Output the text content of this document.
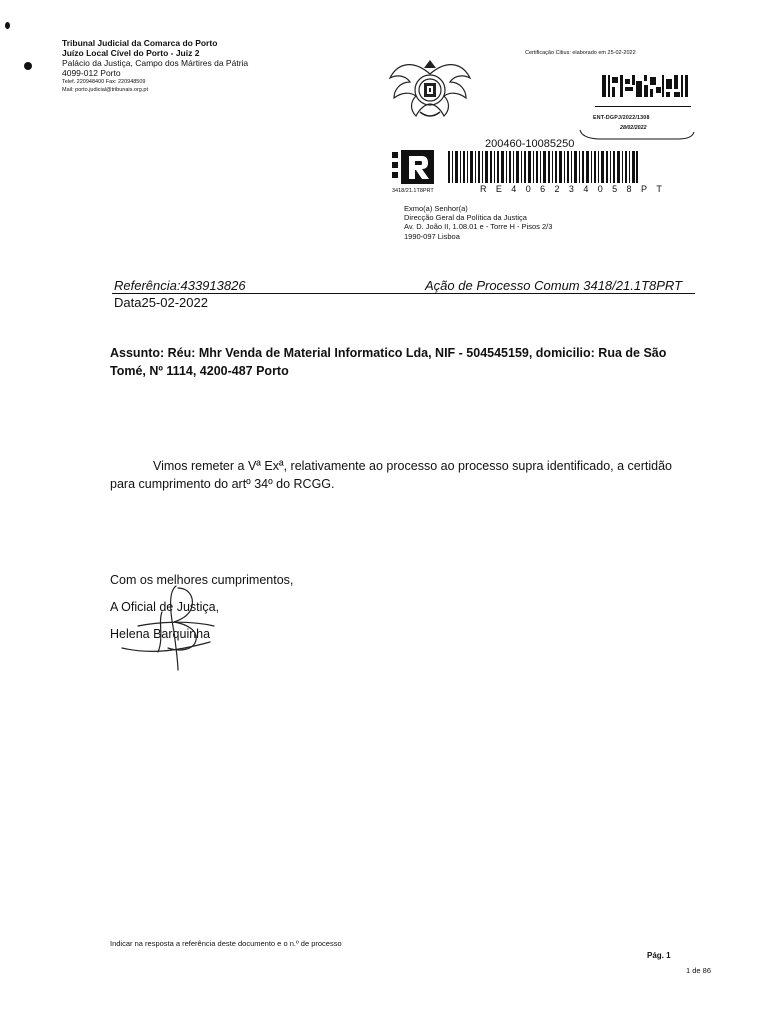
Tribunal Judicial da Comarca do Porto
Juízo Local Cível do Porto - Juiz 2
Palácio da Justiça, Campo dos Mártires da Pátria
4099-012 Porto
Telef. 220948400 Fax: 220948509
Mail: porto.judicial@tribunais.org.pt
Certificação Citius: elaborado em 25-02-2022
ENT-DGPJ/2022/1308
28/02/2022
200460-10085250
RE406234058PT
3418/21.1T8PRT
Exmo(a) Senhor(a)
Direcção Geral da Política da Justiça
Av. D. João II, 1.08.01 e - Torre H - Pisos 2/3
1990-097 Lisboa
Referência:433913826	Ação de Processo Comum 3418/21.1T8PRT
Data25-02-2022
Assunto: Réu: Mhr Venda de Material Informatico Lda, NIF - 504545159, domicilio: Rua de São Tomé, Nº 1114, 4200-487 Porto
Vimos remeter a Vª Exª, relativamente ao processo ao processo supra identificado, a certidão para cumprimento do artº 34º do RCGG.
Com os melhores cumprimentos,
A Oficial de Justiça,
Helena Barquinha
Indicar na resposta a referência deste documento e o n.º de processo
Pág. 1
1 de 86
